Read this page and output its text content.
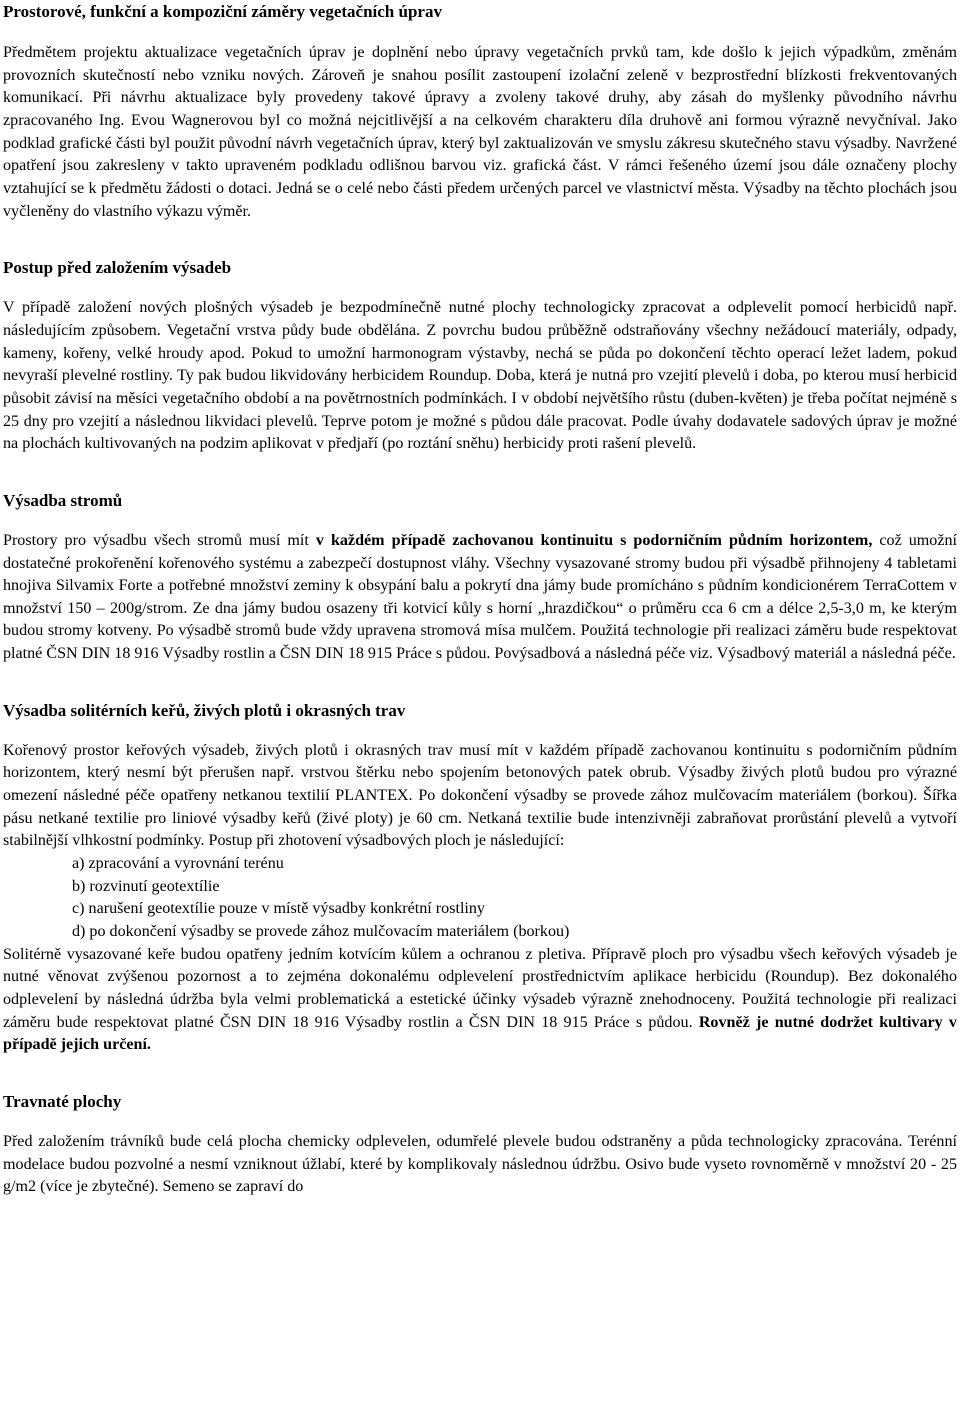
Prostorové, funkční a kompoziční záměry vegetačních úprav

Předmětem projektu aktualizace vegetačních úprav je doplnění nebo úpravy vegetačních prvků tam, kde došlo k jejich výpadkům, změnám provozních skutečností nebo vzniku nových. Zároveň je snahou posílit zastoupení izolační zeleně v bezprostřední blízkosti frekventovaných komunikací. Při návrhu aktualizace byly provedeny takové úpravy a zvoleny takové druhy, aby zásah do myšlenky původního návrhu zpracovaného Ing. Evou Wagnerovou byl co možná nejcitlivější a na celkovém charakteru díla druhově ani formou výrazně nevyčníval. Jako podklad grafické části byl použit původní návrh vegetačních úprav, který byl zaktualizován ve smyslu zákresu skutečného stavu výsadby. Navržené opatření jsou zakresleny v takto upraveném podkladu odlišnou barvou viz. grafická část. V rámci řešeného území jsou dále označeny plochy vztahující se k předmětu žádosti o dotaci. Jedná se o celé nebo části předem určených parcel ve vlastnictví města. Výsadby na těchto plochách jsou vyčleněny do vlastního výkazu výměr.

Postup před založením výsadeb

V případě založení nových plošných výsadeb je bezpodmínečně nutné plochy technologicky zpracovat a odplevelit pomocí herbicidů např. následujícím způsobem. Vegetační vrstva půdy bude obdělána. Z povrchu budou průběžně odstraňovány všechny nežádoucí materiály, odpady, kameny, kořeny, velké hroudy apod. Pokud to umožní harmonogram výstavby, nechá se půda po dokončení těchto operací ležet ladem, pokud nevyraší plevelné rostliny. Ty pak budou likvidovány herbicidem Roundup. Doba, která je nutná pro vzejití plevelů i doba, po kterou musí herbicid působit závisí na měsíci vegetačního období a na povětrnostních podmínkách. I v období největšího růstu (duben-květen) je třeba počítat nejméně s 25 dny pro vzejití a následnou likvidaci plevelů. Teprve potom je možné s půdou dále pracovat. Podle úvahy dodavatele sadových úprav je možné na plochách kultivovaných na podzim aplikovat v předjaří (po roztání sněhu) herbicidy proti rašení plevelů.

Výsadba stromů

Prostory pro výsadbu všech stromů musí mít v každém případě zachovanou kontinuitu s podorničním půdním horizontem, což umožní dostatečné prokořenění kořenového systému a zabezpečí dostupnost vláhy. Všechny vysazované stromy budou při výsadbě přihnojeny 4 tabletami hnojiva Silvamix Forte a potřebné množství zeminy k obsypání balu a pokrytí dna jámy bude promícháno s půdním kondicionérem TerraCottem v množství 150 – 200g/strom. Ze dna jámy budou osazeny tři kotvicí kůly s horní „hrazdičkou“ o průměru cca 6 cm a délce 2,5-3,0 m, ke kterým budou stromy kotveny. Po výsadbě stromů bude vždy upravena stromová mísa mulčem. Použitá technologie při realizaci záměru bude respektovat platné ČSN DIN 18 916 Výsadby rostlin a ČSN DIN 18 915 Práce s půdou. Povýsadbová a následná péče viz. Výsadbový materiál a následná péče.

Výsadba solitérních keřů, živých plotů i okrasných trav

Kořenový prostor keřových výsadeb, živých plotů i okrasných trav musí mít v každém případě zachovanou kontinuitu s podorničním půdním horizontem, který nesmí být přerušen např. vrstvou štěrku nebo spojením betonových patek obrub. Výsadby živých plotů budou pro výrazné omezení následné péče opatřeny netkanou textilií PLANTEX. Po dokončení výsadby se provede zához mulčovacím materiálem (borkou). Šířka pásu netkané textilie pro liniové výsadby keřů (živé ploty) je 60 cm. Netkaná textilie bude intenzivněji zabraňovat prorůstání plevelů a vytvoří stabilnější vlhkostní podmínky. Postup při zhotovení výsadbových ploch je následující:

a) zpracování a vyrovnání terénu
b) rozvinutí geotextílie
c) narušení geotextílie pouze v místě výsadby konkrétní rostliny
d) po dokončení výsadby se provede zához mulčovacím materiálem (borkou)

Solitérně vysazované keře budou opatřeny jedním kotvícím kůlem a ochranou z pletiva. Přípravě ploch pro výsadbu všech keřových výsadeb je nutné věnovat zvýšenou pozornost a to zejména dokonalému odplevelení prostřednictvím aplikace herbicidu (Roundup). Bez dokonalého odplevelení by následná údržba byla velmi problematická a estetické účinky výsadeb výrazně znehodnoceny. Použitá technologie při realizaci záměru bude respektovat platné ČSN DIN 18 916 Výsadby rostlin a ČSN DIN 18 915 Práce s půdou. Rovněž je nutné dodržet kultivary v případě jejich určení.

Travnaté plochy

Před založením trávníků bude celá plocha chemicky odplevelen, odumřelé plevele budou odstraněny a půda technologicky zpracována. Terénní modelace budou pozvolné a nesmí vzniknout úžlabí, které by komplikovaly následnou údržbu. Osivo bude vyseto rovnoměrně v množství 20 - 25 g/m2 (více je zbytečné). Semeno se zapraví do
